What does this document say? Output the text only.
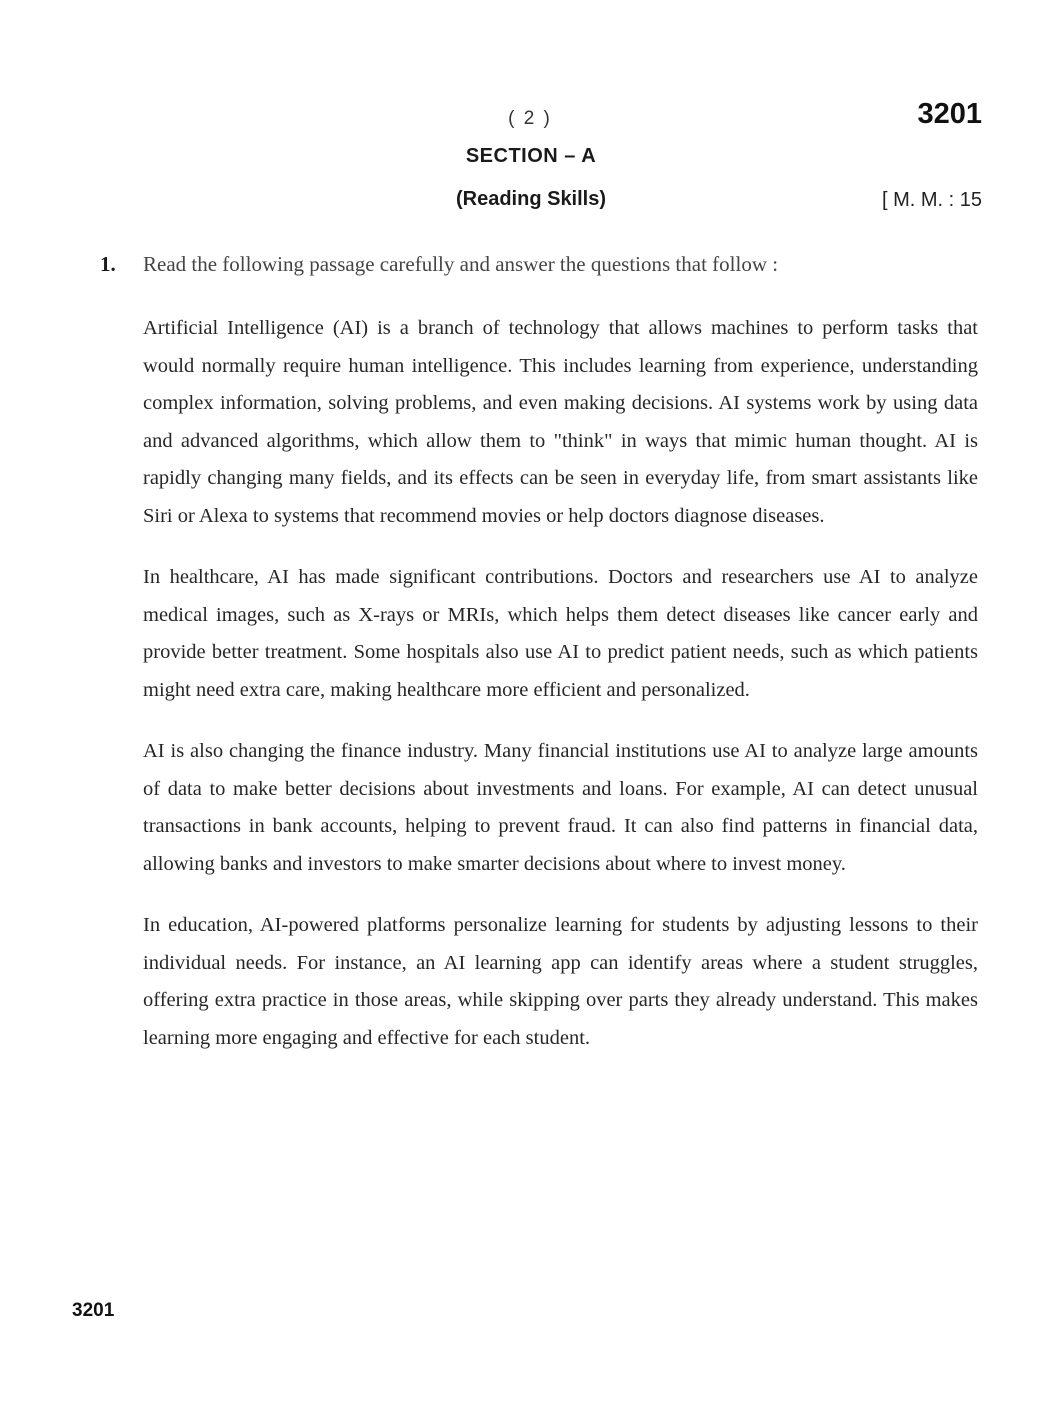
( 2 )	3201
SECTION – A
(Reading Skills)	[ M. M. : 15
1. Read the following passage carefully and answer the questions that follow :

Artificial Intelligence (AI) is a branch of technology that allows machines to perform tasks that would normally require human intelligence. This includes learning from experience, understanding complex information, solving problems, and even making decisions. AI systems work by using data and advanced algorithms, which allow them to "think" in ways that mimic human thought. AI is rapidly changing many fields, and its effects can be seen in everyday life, from smart assistants like Siri or Alexa to systems that recommend movies or help doctors diagnose diseases.

In healthcare, AI has made significant contributions. Doctors and researchers use AI to analyze medical images, such as X-rays or MRIs, which helps them detect diseases like cancer early and provide better treatment. Some hospitals also use AI to predict patient needs, such as which patients might need extra care, making healthcare more efficient and personalized.

AI is also changing the finance industry. Many financial institutions use AI to analyze large amounts of data to make better decisions about investments and loans. For example, AI can detect unusual transactions in bank accounts, helping to prevent fraud. It can also find patterns in financial data, allowing banks and investors to make smarter decisions about where to invest money.

In education, AI-powered platforms personalize learning for students by adjusting lessons to their individual needs. For instance, an AI learning app can identify areas where a student struggles, offering extra practice in those areas, while skipping over parts they already understand. This makes learning more engaging and effective for each student.

3201
